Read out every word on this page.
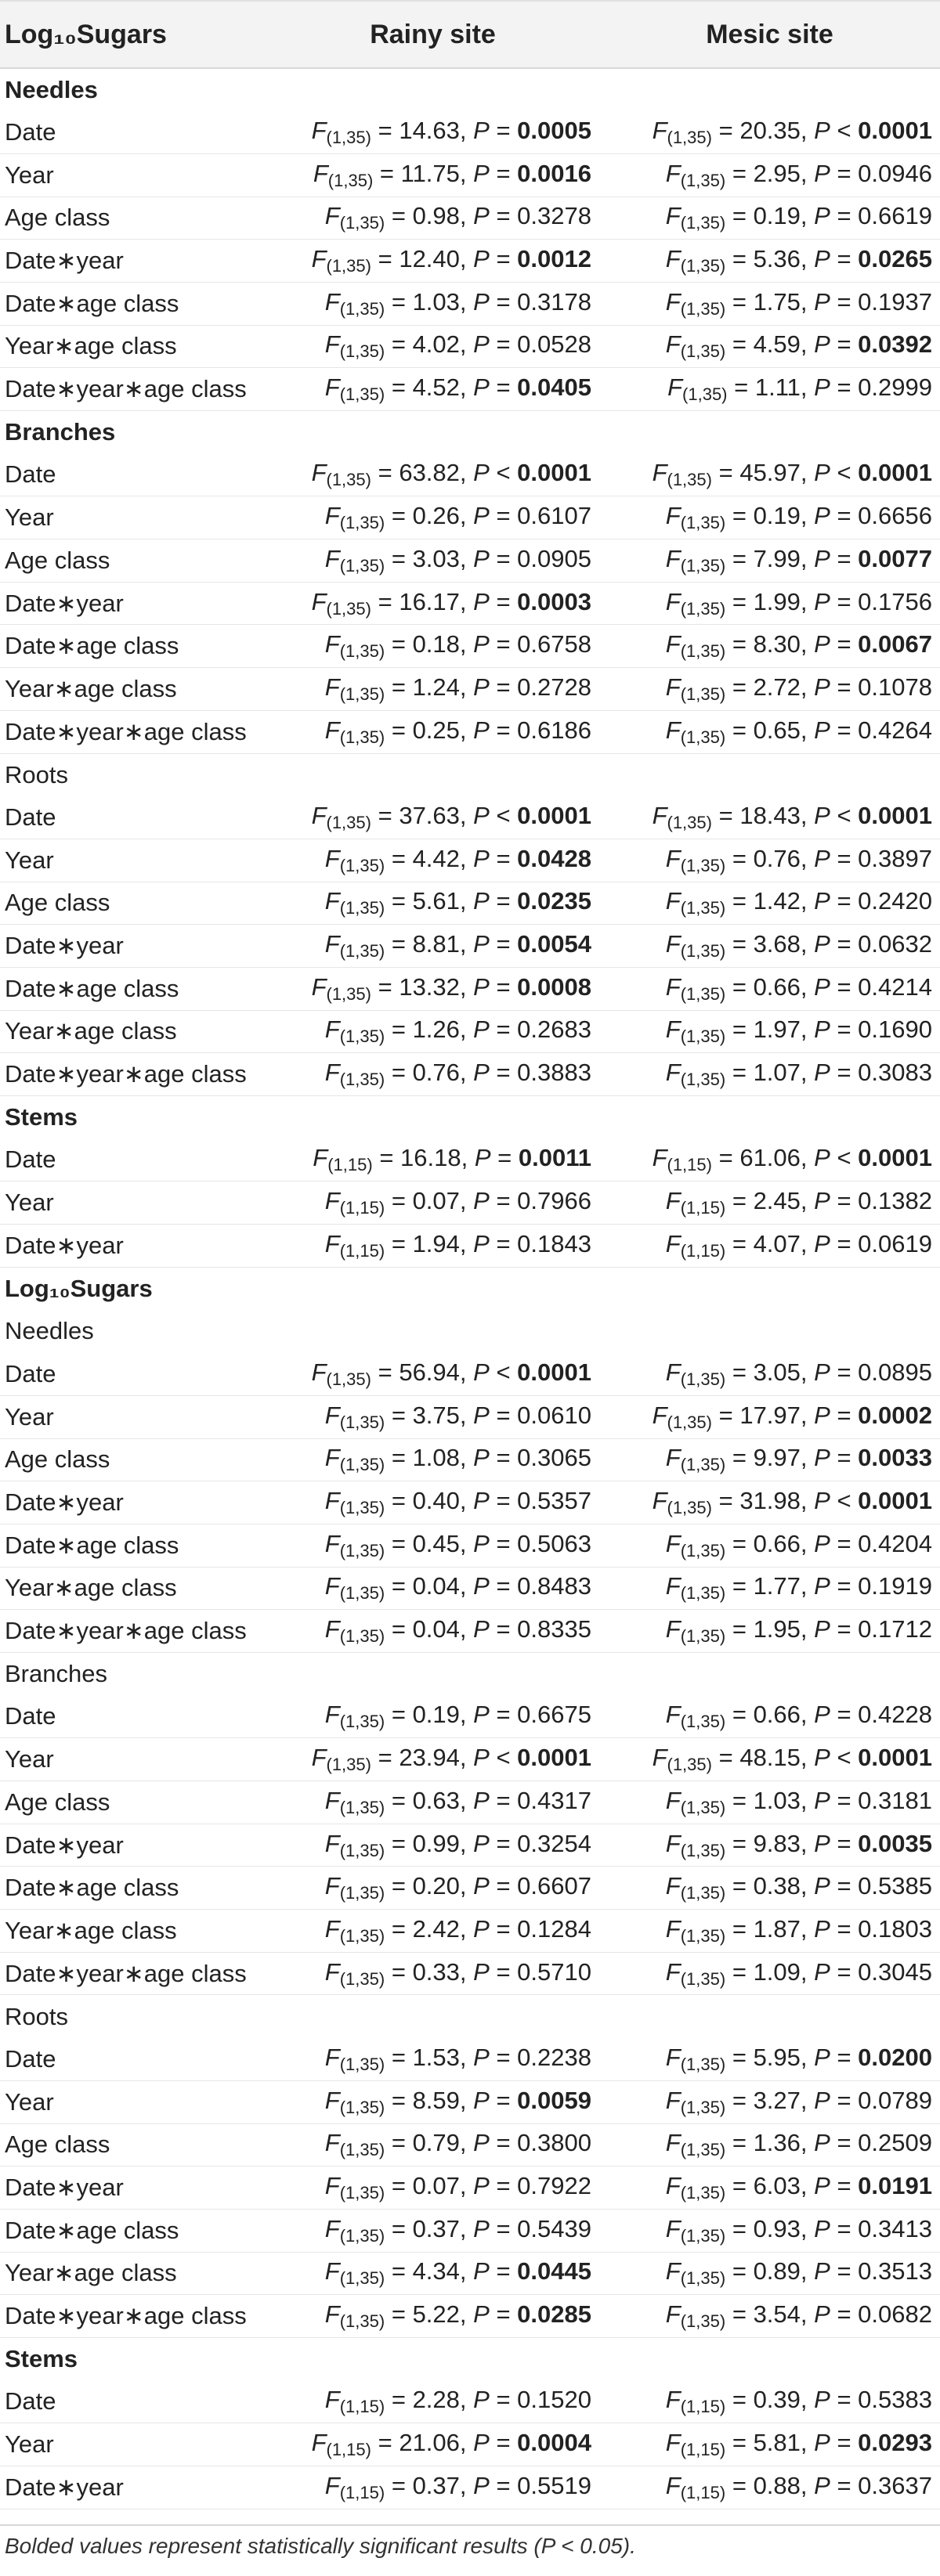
Log₁₀Sugars	Rainy site	Mesic site
Needles		
Date	$F_{(1,35)} = 14.63$, P = 0.0005	$F_{(1,35)} = 20.35$, P < 0.0001
Year	$F_{(1,35)} = 11.75$, P = 0.0016	$F_{(1,35)} = 2.95$, P = 0.0946
Age class	$F_{(1,35)} = 0.98$, P = 0.3278	$F_{(1,35)} = 0.19$, P = 0.6619
Date∗year	$F_{(1,35)} = 12.40$, P = 0.0012	$F_{(1,35)} = 5.36$, P = 0.0265
Date∗age class	$F_{(1,35)} = 1.03$, P = 0.3178	$F_{(1,35)} = 1.75$, P = 0.1937
Year∗age class	$F_{(1,35)} = 4.02$, P = 0.0528	$F_{(1,35)} = 4.59$, P = 0.0392
Date∗year∗age class	$F_{(1,35)} = 4.52$, P = 0.0405	$F_{(1,35)} = 1.11$, P = 0.2999
Branches		
Date	$F_{(1,35)} = 63.82$, P < 0.0001	$F_{(1,35)} = 45.97$, P < 0.0001
Year	$F_{(1,35)} = 0.26$, P = 0.6107	$F_{(1,35)} = 0.19$, P = 0.6656
Age class	$F_{(1,35)} = 3.03$, P = 0.0905	$F_{(1,35)} = 7.99$, P = 0.0077
Date∗year	$F_{(1,35)} = 16.17$, P = 0.0003	$F_{(1,35)} = 1.99$, P = 0.1756
Date∗age class	$F_{(1,35)} = 0.18$, P = 0.6758	$F_{(1,35)} = 8.30$, P = 0.0067
Year∗age class	$F_{(1,35)} = 1.24$, P = 0.2728	$F_{(1,35)} = 2.72$, P = 0.1078
Date∗year∗age class	$F_{(1,35)} = 0.25$, P = 0.6186	$F_{(1,35)} = 0.65$, P = 0.4264
Roots		
Date	$F_{(1,35)} = 37.63$, P < 0.0001	$F_{(1,35)} = 18.43$, P < 0.0001
Year	$F_{(1,35)} = 4.42$, P = 0.0428	$F_{(1,35)} = 0.76$, P = 0.3897
Age class	$F_{(1,35)} = 5.61$, P = 0.0235	$F_{(1,35)} = 1.42$, P = 0.2420
Date∗year	$F_{(1,35)} = 8.81$, P = 0.0054	$F_{(1,35)} = 3.68$, P = 0.0632
Date∗age class	$F_{(1,35)} = 13.32$, P = 0.0008	$F_{(1,35)} = 0.66$, P = 0.4214
Year∗age class	$F_{(1,35)} = 1.26$, P = 0.2683	$F_{(1,35)} = 1.97$, P = 0.1690
Date∗year∗age class	$F_{(1,35)} = 0.76$, P = 0.3883	$F_{(1,35)} = 1.07$, P = 0.3083
Stems		
Date	$F_{(1,15)} = 16.18$, P = 0.0011	$F_{(1,15)} = 61.06$, P < 0.0001
Year	$F_{(1,15)} = 0.07$, P = 0.7966	$F_{(1,15)} = 2.45$, P = 0.1382
Date∗year	$F_{(1,15)} = 1.94$, P = 0.1843	$F_{(1,15)} = 4.07$, P = 0.0619
Log₁₀Sugars		
Needles		
Date	$F_{(1,35)} = 56.94$, P < 0.0001	$F_{(1,35)} = 3.05$, P = 0.0895
Year	$F_{(1,35)} = 3.75$, P = 0.0610	$F_{(1,35)} = 17.97$, P = 0.0002
Age class	$F_{(1,35)} = 1.08$, P = 0.3065	$F_{(1,35)} = 9.97$, P = 0.0033
Date∗year	$F_{(1,35)} = 0.40$, P = 0.5357	$F_{(1,35)} = 31.98$, P < 0.0001
Date∗age class	$F_{(1,35)} = 0.45$, P = 0.5063	$F_{(1,35)} = 0.66$, P = 0.4204
Year∗age class	$F_{(1,35)} = 0.04$, P = 0.8483	$F_{(1,35)} = 1.77$, P = 0.1919
Date∗year∗age class	$F_{(1,35)} = 0.04$, P = 0.8335	$F_{(1,35)} = 1.95$, P = 0.1712
Branches		
Date	$F_{(1,35)} = 0.19$, P = 0.6675	$F_{(1,35)} = 0.66$, P = 0.4228
Year	$F_{(1,35)} = 23.94$, P < 0.0001	$F_{(1,35)} = 48.15$, P < 0.0001
Age class	$F_{(1,35)} = 0.63$, P = 0.4317	$F_{(1,35)} = 1.03$, P = 0.3181
Date∗year	$F_{(1,35)} = 0.99$, P = 0.3254	$F_{(1,35)} = 9.83$, P = 0.0035
Date∗age class	$F_{(1,35)} = 0.20$, P = 0.6607	$F_{(1,35)} = 0.38$, P = 0.5385
Year∗age class	$F_{(1,35)} = 2.42$, P = 0.1284	$F_{(1,35)} = 1.87$, P = 0.1803
Date∗year∗age class	$F_{(1,35)} = 0.33$, P = 0.5710	$F_{(1,35)} = 1.09$, P = 0.3045
Roots		
Date	$F_{(1,35)} = 1.53$, P = 0.2238	$F_{(1,35)} = 5.95$, P = 0.0200
Year	$F_{(1,35)} = 8.59$, P = 0.0059	$F_{(1,35)} = 3.27$, P = 0.0789
Age class	$F_{(1,35)} = 0.79$, P = 0.3800	$F_{(1,35)} = 1.36$, P = 0.2509
Date∗year	$F_{(1,35)} = 0.07$, P = 0.7922	$F_{(1,35)} = 6.03$, P = 0.0191
Date∗age class	$F_{(1,35)} = 0.37$, P = 0.5439	$F_{(1,35)} = 0.93$, P = 0.3413
Year∗age class	$F_{(1,35)} = 4.34$, P = 0.0445	$F_{(1,35)} = 0.89$, P = 0.3513
Date∗year∗age class	$F_{(1,35)} = 5.22$, P = 0.0285	$F_{(1,35)} = 3.54$, P = 0.0682
Stems		
Date	$F_{(1,15)} = 2.28$, P = 0.1520	$F_{(1,15)} = 0.39$, P = 0.5383
Year	$F_{(1,15)} = 21.06$, P = 0.0004	$F_{(1,15)} = 5.81$, P = 0.0293
Date∗year	$F_{(1,15)} = 0.37$, P = 0.5519	$F_{(1,15)} = 0.88$, P = 0.3637
Bolded values represent statistically significant results (P < 0.05).
